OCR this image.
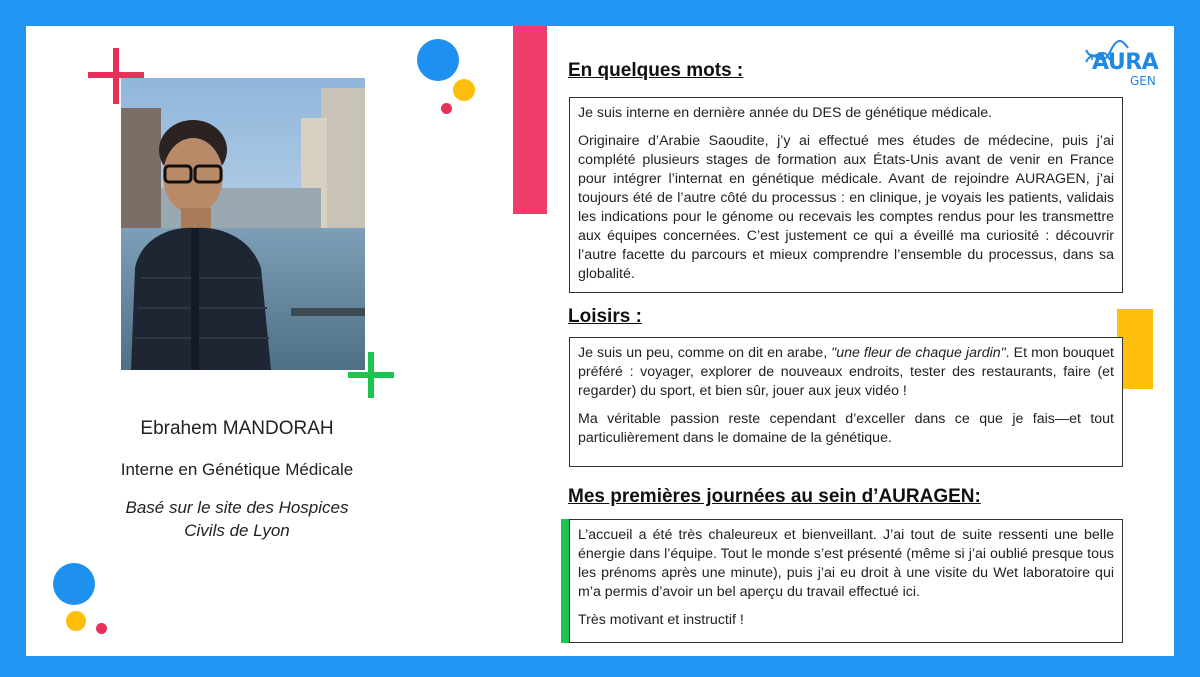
AURA
GEN
Ebrahem MANDORAH
Interne en Génétique Médicale
Basé sur le site des Hospices
Civils de Lyon
En quelques mots :

Je suis interne en dernière année du DES de génétique médicale.

Originaire d’Arabie Saoudite, j’y ai effectué mes études de médecine, puis j’ai complété plusieurs stages de formation aux États-Unis avant de venir en France pour intégrer l’internat en génétique médicale. Avant de rejoindre AURAGEN, j’ai toujours été de l’autre côté du processus : en clinique, je voyais les patients, validais les indications pour le génome ou recevais les comptes rendus pour les transmettre aux équipes concernées. C’est justement ce qui a éveillé ma curiosité : découvrir l’autre facette du parcours et mieux comprendre l’ensemble du processus, dans sa globalité.

Loisirs :

Je suis un peu, comme on dit en arabe, "une fleur de chaque jardin". Et mon bouquet préféré : voyager, explorer de nouveaux endroits, tester des restaurants, faire (et regarder) du sport, et bien sûr, jouer aux jeux vidéo !

Ma véritable passion reste cependant d’exceller dans ce que je fais—et tout particulièrement dans le domaine de la génétique.

Mes premières journées au sein d’AURAGEN:

L’accueil a été très chaleureux et bienveillant. J’ai tout de suite ressenti une belle énergie dans l’équipe. Tout le monde s’est présenté (même si j’ai oublié presque tous les prénoms après une minute), puis j’ai eu droit à une visite du Wet laboratoire qui m’a permis d’avoir un bel aperçu du travail effectué ici.

Très motivant et instructif !
